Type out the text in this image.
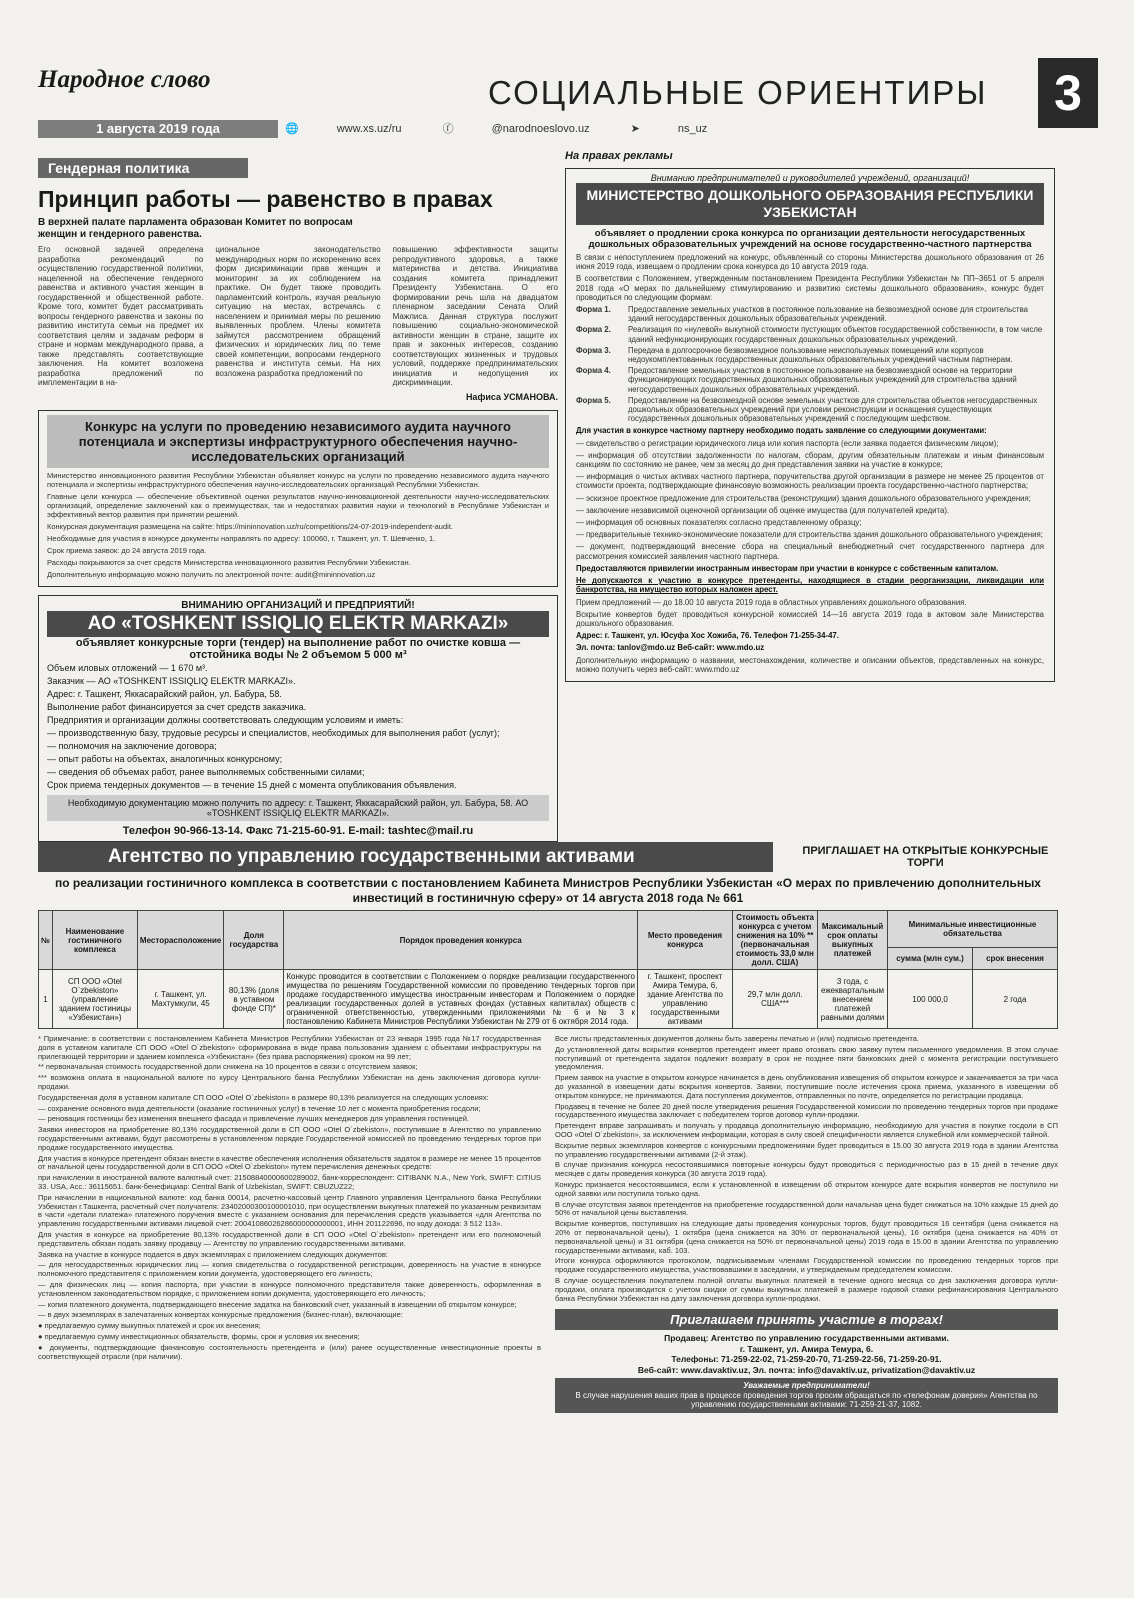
Народное слово	СОЦИАЛЬНЫЕ ОРИЕНТИРЫ	3
1 августа 2019 года	🌐	www.xs.uz/ru	ⓕ	@narodnoeslovo.uz	➤	ns_uz
Гендерная политика
Принцип работы — равенство в правах
В верхней палате парламента образован Комитет по вопросам женщин и гендерного равенства.

Его основной задачей определена разработка рекомендаций по осуществлению государственной политики, нацеленной на обеспечение гендерного равенства и активного участия женщин в государственной и общественной работе. Кроме того, комитет будет рассматривать вопросы гендерного равенства и законы по развитию института семьи на предмет их соответствия целям и задачам реформ в стране и нормам международного права, а также представлять соответствующие заключения. На комитет возложена разработка предложений по имплементации в на-

циональное законодательство международных норм по искоренению всех форм дискриминации прав женщин и мониторинг за их соблюдением на практике. Он будет также проводить парламентский контроль, изучая реальную ситуацию на местах, встречаясь с населением и принимая меры по решению выявленных проблем. Члены комитета займутся рассмотрением обращений физических и юридических лиц по теме своей компетенции, вопросами гендерного равенства и института семьи. На них возложена разработка предложений по

повышению эффективности защиты репродуктивного здоровья, а также материнства и детства. Инициатива создания комитета принадлежит Президенту Узбекистана. О его формировании речь шла на двадцатом пленарном заседании Сената Олий Мажлиса. Данная структура послужит повышению социально-экономической активности женщин в стране, защите их прав и законных интересов, созданию соответствующих жизненных и трудовых условий, поддержке предпринимательских инициатив и недопущения их дискриминации.

Нафиса УСМАНОВА.
Конкурс на услуги по проведению независимого аудита научного потенциала и экспертизы инфраструктурного обеспечения научно-исследовательских организаций

Министерство инновационного развития Республики Узбекистан объявляет конкурс на услуги по проведению независимого аудита научного потенциала и экспертизы инфраструктурного обеспечения научно-исследовательских организаций Республики Узбекистан.

Главные цели конкурса — обеспечение объективной оценки результатов научно-инновационной деятельности научно-исследовательских организаций, определение заключений как о преимуществах, так и недостатках развития науки и технологий в Республике Узбекистан и эффективный вектор развития при принятии решений.

Конкурсная документация размещена на сайте: https://mininnovation.uz/ru/competitions/24-07-2019-independent-audit.

Необходимые для участия в конкурсе документы направлять по адресу: 100060, г. Ташкент, ул. Т. Шевченко, 1.

Срок приема заявок: до 24 августа 2019 года.

Расходы покрываются за счет средств Министерства инновационного развития Республики Узбекистан.

Дополнительную информацию можно получить по электронной почте: audit@mininnovation.uz

ВНИМАНИЮ ОРГАНИЗАЦИЙ И ПРЕДПРИЯТИЙ!
АО «TOSHKENT ISSIQLIQ ELEKTR MARKAZI»
объявляет конкурсные торги (тендер) на выполнение работ по очистке ковша — отстойника воды № 2 объемом 5 000 м³
Объем иловых отложений — 1 670 м³.
Заказчик — АО «TOSHKENT ISSIQLIQ ELEKTR MARKAZI».
Адрес: г. Ташкент, Яккасарайский район, ул. Бабура, 58.
Выполнение работ финансируется за счет средств заказчика.
Предприятия и организации должны соответствовать следующим условиям и иметь:
— производственную базу, трудовые ресурсы и специалистов, необходимых для выполнения работ (услуг);
— полномочия на заключение договора;
— опыт работы на объектах, аналогичных конкурсному;
— сведения об объемах работ, ранее выполняемых собственными силами;
Срок приема тендерных документов — в течение 15 дней с момента опубликования объявления.
Необходимую документацию можно получить по адресу: г. Ташкент, Яккасарайский район, ул. Бабура, 58. АО «TOSHKENT ISSIQLIQ ELEKTR MARKAZI».
Телефон 90-966-13-14. Факс 71-215-60-91. E-mail: tashtec@mail.ru
На правах рекламы
Вниманию предпринимателей и руководителей учреждений, организаций!
МИНИСТЕРСТВО ДОШКОЛЬНОГО ОБРАЗОВАНИЯ РЕСПУБЛИКИ УЗБЕКИСТАН
объявляет о продлении срока конкурса по организации деятельности негосударственных дошкольных образовательных учреждений на основе государственно-частного партнерства

В связи с непоступлением предложений на конкурс, объявленный со стороны Министерства дошкольного образования от 26 июня 2019 года, извещаем о продлении срока конкурса до 10 августа 2019 года.

В соответствии с Положением, утвержденным постановлением Президента Республики Узбекистан № ПП–3651 от 5 апреля 2018 года «О мерах по дальнейшему стимулированию и развитию системы дошкольного образования», конкурс будет проводиться по следующим формам:

Форма 1.	Предоставление земельных участков в постоянное пользование на безвозмездной основе для строительства зданий негосударственных дошкольных образовательных учреждений.
Форма 2.	Реализация по «нулевой» выкупной стоимости пустующих объектов государственной собственности, в том числе зданий нефункционирующих государственных дошкольных образовательных учреждений.
Форма 3.	Передача в долгосрочное безвозмездное пользование неиспользуемых помещений или корпусов недоукомплектованных государственных дошкольных образовательных учреждений частным партнерам.
Форма 4.	Предоставление земельных участков в постоянное пользование на безвозмездной основе на территории функционирующих государственных дошкольных образовательных учреждений для строительства зданий негосударственных дошкольных образовательных учреждений.
Форма 5.	Предоставление на безвозмездной основе земельных участков для строительства объектов негосударственных дошкольных образовательных учреждений при условии реконструкции и оснащения существующих государственных дошкольных образовательных учреждений с последующим шефством.

Для участия в конкурсе частному партнеру необходимо подать заявление со следующими документами:

— свидетельство о регистрации юридического лица или копия паспорта (если заявка подается физическим лицом);

— информация об отсутствии задолженности по налогам, сборам, другим обязательным платежам и иным финансовым санкциям по состоянию не ранее, чем за месяц до дня представления заявки на участие в конкурсе;

— информация о чистых активах частного партнера, поручительства другой организации в размере не менее 25 процентов от стоимости проекта, подтверждающие финансовую возможность реализации проекта государственно-частного партнерства;

— эскизное проектное предложение для строительства (реконструкции) здания дошкольного образовательного учреждения;

— заключение независимой оценочной организации об оценке имущества (для получателей кредита).

— информация об основных показателях согласно представленному образцу;

— предварительные технико-экономические показатели для строительства здания дошкольного образовательного учреждения;

— документ, подтверждающий внесение сбора на специальный внебюджетный счет государственного партнера для рассмотрения комиссией заявления частного партнера.

Предоставляются привилегии иностранным инвесторам при участии в конкурсе с собственным капиталом.

Не допускаются к участию в конкурсе претенденты, находящиеся в стадии реорганизации, ликвидации или банкротства, на имущество которых наложен арест.

Прием предложений — до 18.00 10 августа 2019 года в областных управлениях дошкольного образования.

Вскрытие конвертов будет проводиться конкурсной комиссией 14—16 августа 2019 года в актовом зале Министерства дошкольного образования.

Адрес: г. Ташкент, ул. Юсуфа Хос Хожиба, 76. Телефон 71-255-34-47.

Эл. почта: tanlov@mdo.uz Веб-сайт: www.mdo.uz

Дополнительную информацию о названии, местонахождении, количестве и описании объектов, представленных на конкурс, можно получить через веб-сайт: www.mdo.uz

Агентство по управлению государственными активами	ПРИГЛАШАЕТ НА ОТКРЫТЫЕ КОНКУРСНЫЕ ТОРГИ
по реализации гостиничного комплекса в соответствии с постановлением Кабинета Министров Республики Узбекистан «О мерах по привлечению дополнительных инвестиций в гостиничную сферу» от 14 августа 2018 года № 661
№	Наименование гостиничного комплекса	Месторасположение	Доля государства	Порядок проведения конкурса	Место проведения конкурса	Стоимость объекта конкурса с учетом снижения на 10% ** (первоначальная стоимость 33,0 млн долл. США)	Максимальный срок оплаты выкупных платежей	Минимальные инвестиционные обязательства	
								сумма (млн сум.)	срок внесения
1	СП ООО «Otel O`zbekiston» (управление зданием гостиницы «Узбекистан»)	г. Ташкент, ул. Махтумкули, 45	80,13% (доля в уставном фонде СП)*	Конкурс проводится в соответствии с Положением о порядке реализации государственного имущества по решениям Государственной комиссии по проведению тендерных торгов при продаже государственного имущества иностранным инвесторам и Положением о порядке реализации государственных долей в уставных фондах (уставных капиталах) обществ с ограниченной ответственностью, утвержденными приложениями № 6 и № 3 к постановлению Кабинета Министров Республики Узбекистан № 279 от 6 октября 2014 года.	г. Ташкент, проспект Амира Темура, 6, здание Агентства по управлению государственными активами	29,7 млн долл. США***	3 года, с ежеквартальным внесением платежей равными долями	100 000,0	2 года

* Примечание: в соответствии с постановлением Кабинета Министров Республики Узбекистан от 23 января 1995 года №17 государственная доля в уставном капитале СП ООО «Otel O`zbekiston» сформирована в виде права пользования зданием с объектами инфраструктуры на прилегающей территории и зданием комплекса «Узбекистан» (без права распоряжения) сроком на 99 лет;

** первоначальная стоимость государственной доли снижена на 10 процентов в связи с отсутствием заявок;

*** возможна оплата в национальной валюте по курсу Центрального банка Республики Узбекистан на день заключения договора купли-продажи.

Государственная доля в уставном капитале СП ООО «Otel O`zbekiston» в размере 80,13% реализуется на следующих условиях:

— сохранение основного вида деятельности (оказание гостиничных услуг) в течение 10 лет с момента приобретения госдоли;

— реновация гостиницы без изменения внешнего фасада и привлечение лучших менеджеров для управления гостиницей.

Заявки инвесторов на приобретение 80,13% государственной доли в СП ООО «Otel O`zbekiston», поступившие в Агентство по управлению государственными активами, будут рассмотрены в установленном порядке Государственной комиссией по проведению тендерных торгов при продаже государственного имущества.

Для участия в конкурсе претендент обязан внести в качестве обеспечения исполнения обязательств задаток в размере не менее 15 процентов от начальной цены государственной доли в СП ООО «Otel O`zbekiston» путем перечисления денежных средств:

при начислении в иностранной валюте валютный счет: 21508840000600289002, банк-корреспондент: CITIBANK N.A., New York, SWIFT: CITIUS 33. USA, Acc.: 36115651. банк-бенефициар: Central Bank of Uzbekistan, SWIFT: CBUZUZ22;

При начислении в национальной валюте: код банка 00014, расчетно-кассовый центр Главного управления Центрального банка Республики Узбекистан г.Ташкента, расчетный счет получателя: 23402000300100001010, при осуществлении выкупных платежей по указанным реквизитам в части «детали платежа» платежного поручения вместе с указанием основания для перечисления средств указывается «для Агентства по управлению государственными активами лицевой счет: 20041086026286000000000001, ИНН 201122696, по коду дохода: 3 512 113».

Для участия в конкурсе на приобретение 80,13% государственной доли в СП ООО «Otel O`zbekiston» претендент или его полномочный представитель обязан подать заявку продавцу — Агентству по управлению государственными активами.

Заявка на участие в конкурсе подается в двух экземплярах с приложением следующих документов:

— для негосударственных юридических лиц — копия свидетельства о государственной регистрации, доверенность на участие в конкурсе полномочного представителя с приложением копии документа, удостоверяющего его личность;

— для физических лиц — копия паспорта, при участии в конкурсе полномочного представителя также доверенность, оформленная в установленном законодательством порядке, с приложением копии документа, удостоверяющего его личность;

— копия платежного документа, подтверждающего внесение задатка на банковский счет, указанный в извещении об открытом конкурсе;

— в двух экземплярах в запечатанных конвертах конкурсные предложения (бизнес-план), включающие:

● предлагаемую сумму выкупных платежей и срок их внесения;

● предлагаемую сумму инвестиционных обязательств, формы, срок и условия их внесения;

● документы, подтверждающие финансовую состоятельность претендента и (или) ранее осуществленные инвестиционные проекты в соответствующей отрасли (при наличии).

Все листы представленных документов должны быть заверены печатью и (или) подписью претендента.

До установленной даты вскрытия конвертов претендент имеет право отозвать свою заявку путем письменного уведомления. В этом случае поступивший от претендента задаток подлежит возврату в срок не позднее пяти банковских дней с момента регистрации поступившего уведомления.

Прием заявок на участие в открытом конкурсе начинается в день опубликования извещения об открытом конкурсе и заканчивается за три часа до указанной в извещении даты вскрытия конвертов. Заявки, поступившие после истечения срока приема, указанного в извещении об открытом конкурсе, не принимаются. Дата поступления документов, отправленных по почте, определяется по регистрации продавца.

Продавец в течение не более 20 дней после утверждения решения Государственной комиссии по проведению тендерных торгов при продаже государственного имущества заключает с победителем торгов договор купли-продажи.

Претендент вправе запрашивать и получать у продавца дополнительную информацию, необходимую для участия в покупке госдоли в СП ООО «Otel O`zbekiston», за исключением информации, которая в силу своей специфичности является служебной или коммерческой тайной.

Вскрытие первых экземпляров конвертов с конкурсными предложениями будет проводиться в 15.00 30 августа 2019 года в здании Агентства по управлению государственными активами (2-й этаж).

В случае признания конкурса несостоявшимися повторные конкурсы будут проводиться с периодичностью раз в 15 дней в течение двух месяцев с даты проведения конкурса (30 августа 2019 года).

Конкурс признается несостоявшимся, если к установленной в извещении об открытом конкурсе дате вскрытия конвертов не поступило ни одной заявки или поступила только одна.

В случае отсутствия заявок претендентов на приобретение государственной доли начальная цена будет снижаться на 10% каждые 15 дней до 50% от начальной цены выставления.

Вскрытие конвертов, поступивших на следующие даты проведения конкурсных торгов, будут проводиться 16 сентября (цена снижается на 20% от первоначальной цены), 1 октября (цена снижается на 30% от первоначальной цены), 16 октября (цена снижается на 40% от первоначальной цены) и 31 октября (цена снижается на 50% от первоначальной цены) 2019 года в 15.00 в здании Агентства по управлению государственными активами, каб. 103.

Итоги конкурса оформляются протоколом, подписываемым членами Государственной комиссии по проведению тендерных торгов при продаже государственного имущества, участвовавшими в заседании, и утверждаемым председателем комиссии.

В случае осуществления покупателем полной оплаты выкупных платежей в течение одного месяца со дня заключения договора купли-продажи, оплата производится с учетом скидки от суммы выкупных платежей в размере годовой ставки рефинансирования Центрального банка Республики Узбекистан на дату заключения договора купли-продажи.

Приглашаем принять участие в торгах!
Продавец: Агентство по управлению государственными активами.
г. Ташкент, ул. Амира Темура, 6.
Телефоны: 71-259-22-02, 71-259-20-70, 71-259-22-56, 71-259-20-91.
Веб-сайт: www.davaktiv.uz, Эл. почта: info@davaktiv.uz, privatization@davaktiv.uz
Уважаемые предприниматели!
В случае нарушения ваших прав в процессе проведения торгов просим обращаться по «телефонам доверия» Агентства по управлению государственными активами: 71-259-21-37, 1082.
